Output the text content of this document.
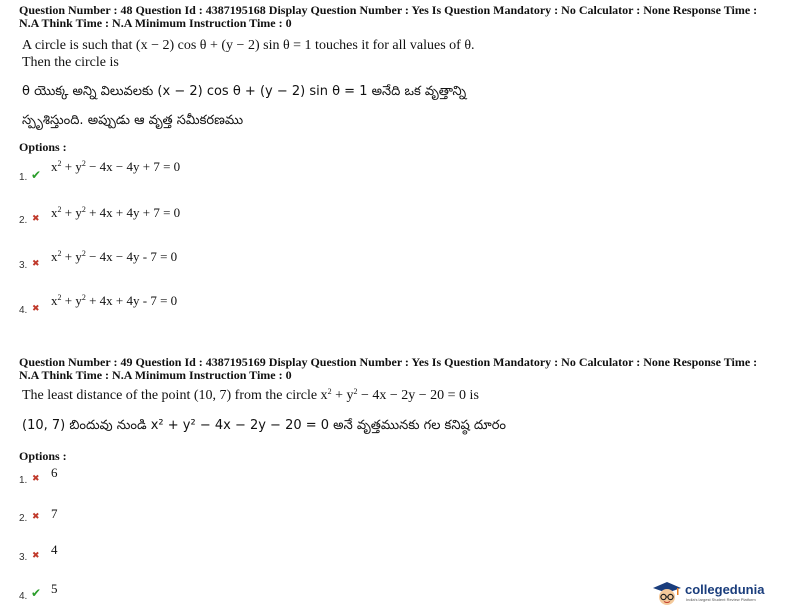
Question Number : 48 Question Id : 4387195168 Display Question Number : Yes Is Question Mandatory : No Calculator : None Response Time :
N.A Think Time : N.A Minimum Instruction Time : 0
A circle is such that (x − 2) cos θ + (y − 2) sin θ = 1 touches it for all values of θ.
Then the circle is
θ యొక్క అన్ని విలువలకు (x − 2) cos θ + (y − 2) sin θ = 1 అనేది ఒక వృత్తాన్ని
స్పృశిస్తుంది. అప్పుడు ఆ వృత్త సమీకరణము
Options :
1. ✔
$x^2 + y^2 - 4x - 4y + 7 = 0$
2. ✖ $x^2 + y^2 + 4x + 4y + 7 = 0$
3. ✖ $x^2 + y^2 - 4x - 4y - 7 = 0$
4. ✖
$x^2 + y^2 + 4x + 4y - 7 = 0$
Question Number : 49 Question Id : 4387195169 Display Question Number : Yes Is Question Mandatory : No Calculator : None Response Time :
N.A Think Time : N.A Minimum Instruction Time : 0
The least distance of the point (10, 7) from the circle $x^2 + y^2 - 4x - 2y - 20 = 0$ is
(10, 7) బిందువు నుండి x² + y² − 4x − 2y − 20 = 0 అనే వృత్తమునకు గల కనిష్ఠ దూరం
Options :
1. ✖ 6
2. ✖ 7
3. ✖ 4
4. ✔ 5	collegedunia
India's largest Student Review Platform
